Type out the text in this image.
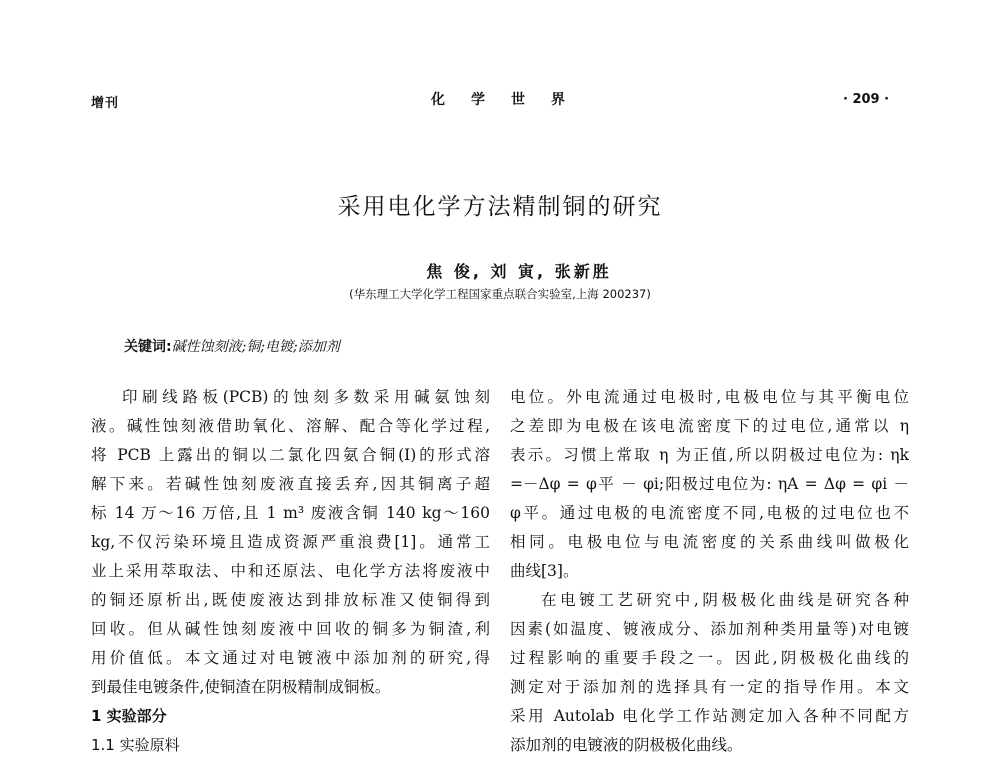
增刊	化学世界	· 209 ·
采用电化学方法精制铜的研究
焦 俊, 刘 寅, 张新胜
(华东理工大学化学工程国家重点联合实验室,上海 200237)
关键词:碱性蚀刻液;铜;电镀;添加剂
印刷线路板(PCB)的蚀刻多数采用碱氨蚀刻
液。碱性蚀刻液借助氧化、溶解、配合等化学过程,
将 PCB 上露出的铜以二氯化四氨合铜(I)的形式溶
解下来。若碱性蚀刻废液直接丢弃,因其铜离子超
标 14 万～16 万倍,且 1 m³ 废液含铜 140 kg～160
kg,不仅污染环境且造成资源严重浪费[1]。通常工
业上采用萃取法、中和还原法、电化学方法将废液中
的铜还原析出,既使废液达到排放标准又使铜得到
回收。但从碱性蚀刻废液中回收的铜多为铜渣,利
用价值低。本文通过对电镀液中添加剂的研究,得
到最佳电镀条件,使铜渣在阴极精制成铜板。
1 实验部分
1.1 实验原料
电位。外电流通过电极时,电极电位与其平衡电位
之差即为电极在该电流密度下的过电位,通常以 η
表示。习惯上常取 η 为正值,所以阴极过电位为: ηk
=－Δφ = φ平 － φi;阳极过电位为: ηA = Δφ = φi －
φ平。通过电极的电流密度不同,电极的过电位也不
相同。电极电位与电流密度的关系曲线叫做极化
曲线[3]。
在电镀工艺研究中,阴极极化曲线是研究各种
因素(如温度、镀液成分、添加剂种类用量等)对电镀
过程影响的重要手段之一。因此,阴极极化曲线的
测定对于添加剂的选择具有一定的指导作用。本文
采用 Autolab 电化学工作站测定加入各种不同配方
添加剂的电镀液的阴极极化曲线。
